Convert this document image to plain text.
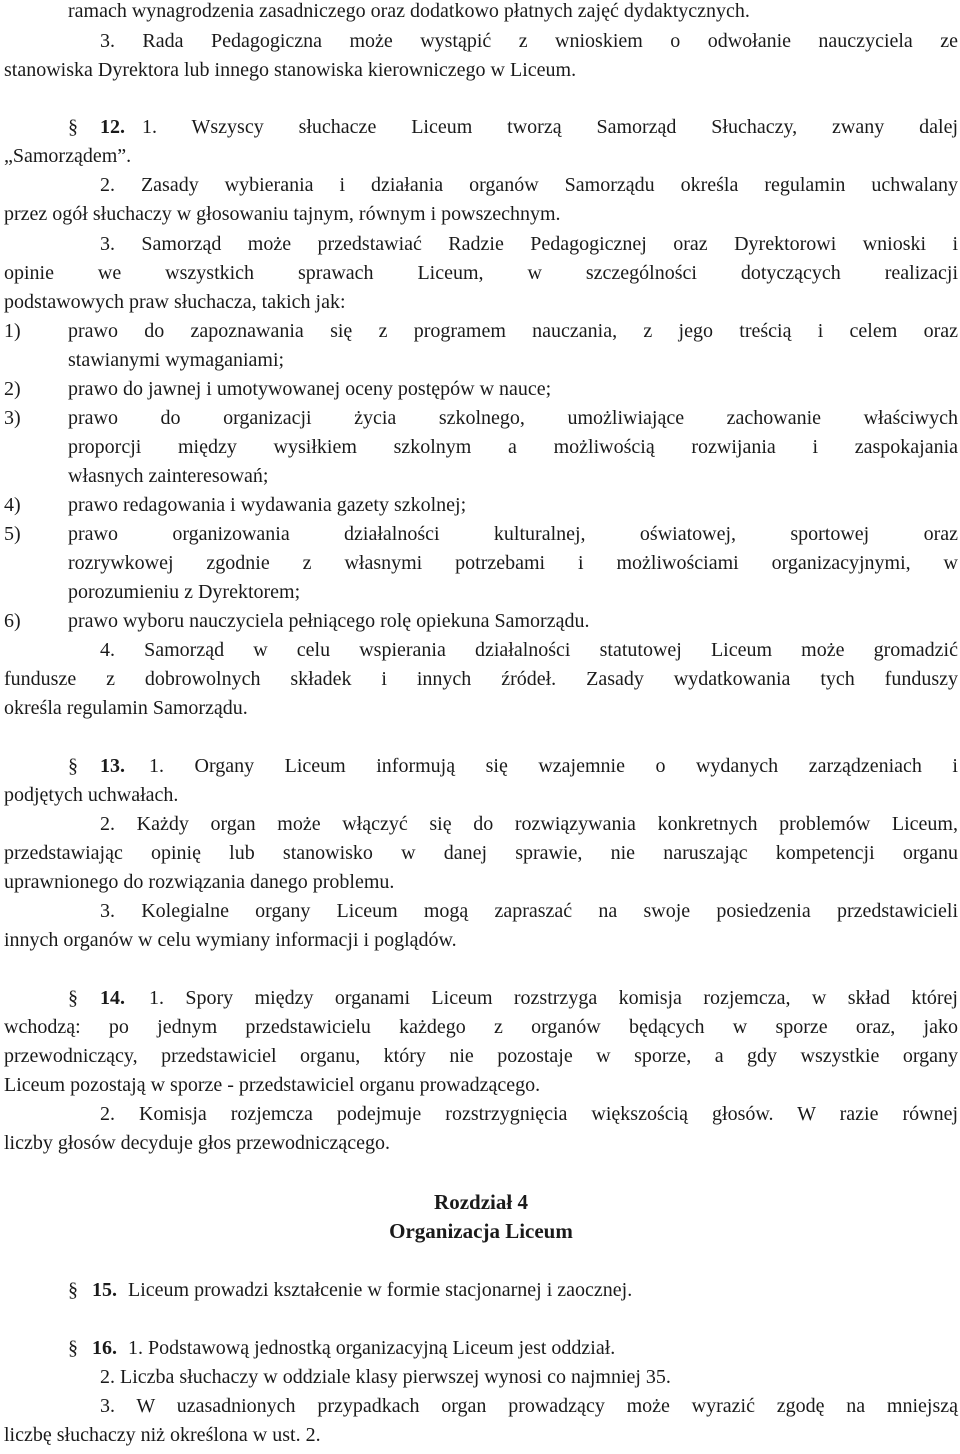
ramach wynagrodzenia zasadniczego oraz dodatkowo płatnych zajęć dydaktycznych.
3. Rada Pedagogiczna może wystąpić z wnioskiem o odwołanie nauczyciela ze
stanowiska Dyrektora lub innego stanowiska kierowniczego w Liceum.
§ 12. 1. Wszyscy słuchacze Liceum tworzą Samorząd Słuchaczy, zwany dalej
„Samorządem”.
2. Zasady wybierania i działania organów Samorządu określa regulamin uchwalany
przez ogół słuchaczy w głosowaniu tajnym, równym i powszechnym.
3. Samorząd może przedstawiać Radzie Pedagogicznej oraz Dyrektorowi wnioski i
opinie we wszystkich sprawach Liceum, w szczególności dotyczących realizacji
podstawowych praw słuchacza, takich jak:
1) prawo do zapoznawania się z programem nauczania, z jego treścią i celem oraz
stawianymi wymaganiami;
2) prawo do jawnej i umotywowanej oceny postępów w nauce;
3) prawo do organizacji życia szkolnego, umożliwiające zachowanie właściwych
proporcji między wysiłkiem szkolnym a możliwością rozwijania i zaspokajania
własnych zainteresowań;
4) prawo redagowania i wydawania gazety szkolnej;
5) prawo organizowania działalności kulturalnej, oświatowej, sportowej oraz
rozrywkowej zgodnie z własnymi potrzebami i możliwościami organizacyjnymi, w
porozumieniu z Dyrektorem;
6) prawo wyboru nauczyciela pełniącego rolę opiekuna Samorządu.
4. Samorząd w celu wspierania działalności statutowej Liceum może gromadzić
fundusze z dobrowolnych składek i innych źródeł. Zasady wydatkowania tych funduszy
określa regulamin Samorządu.
§ 13. 1. Organy Liceum informują się wzajemnie o wydanych zarządzeniach i
podjętych uchwałach.
2. Każdy organ może włączyć się do rozwiązywania konkretnych problemów Liceum,
przedstawiając opinię lub stanowisko w danej sprawie, nie naruszając kompetencji organu
uprawnionego do rozwiązania danego problemu.
3. Kolegialne organy Liceum mogą zapraszać na swoje posiedzenia przedstawicieli
innych organów w celu wymiany informacji i poglądów.
§ 14. 1. Spory między organami Liceum rozstrzyga komisja rozjemcza, w skład której
wchodzą: po jednym przedstawicielu każdego z organów będących w sporze oraz, jako
przewodniczący, przedstawiciel organu, który nie pozostaje w sporze, a gdy wszystkie organy
Liceum pozostają w sporze - przedstawiciel organu prowadzącego.
2. Komisja rozjemcza podejmuje rozstrzygnięcia większością głosów. W razie równej
liczby głosów decyduje głos przewodniczącego.
Rozdział 4
Organizacja Liceum
§ 15. Liceum prowadzi kształcenie w formie stacjonarnej i zaocznej.
§ 16. 1. Podstawową jednostką organizacyjną Liceum jest oddział.
2. Liczba słuchaczy w oddziale klasy pierwszej wynosi co najmniej 35.
3. W uzasadnionych przypadkach organ prowadzący może wyrazić zgodę na mniejszą
liczbę słuchaczy niż określona w ust. 2.
